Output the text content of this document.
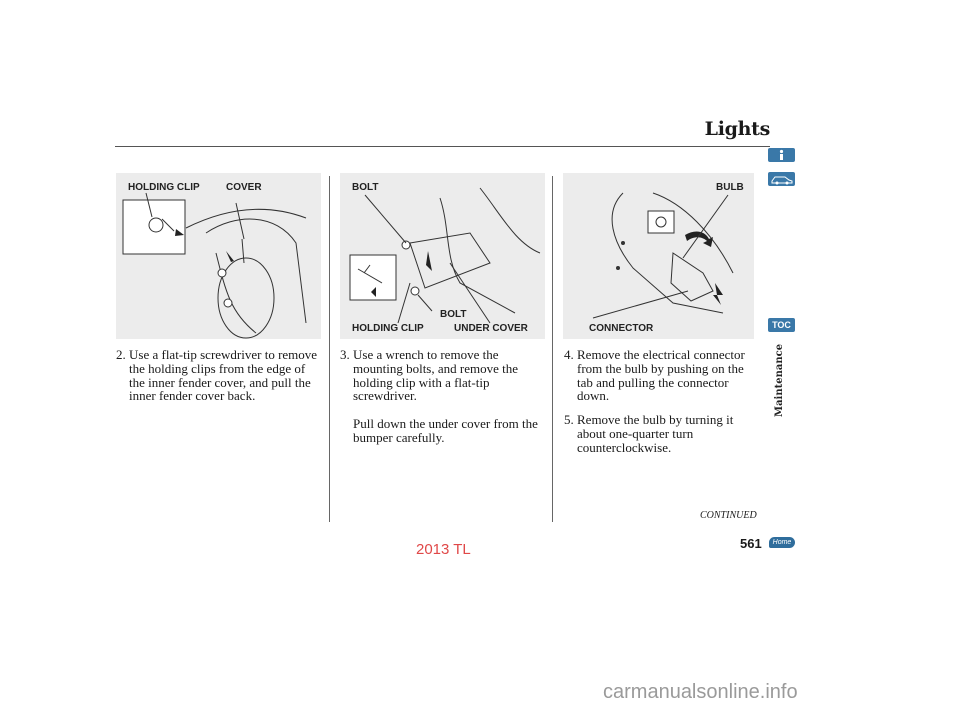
Lights
HOLDING CLIP	COVER	BOLT
BOLT
HOLDING CLIP	UNDER COVER
BULB
CONNECTOR
2. Use a flat-tip screwdriver to remove the holding clips from the edge of the inner fender cover, and pull the inner fender cover back.
3. Use a wrench to remove the mounting bolts, and remove the holding clip with a flat-tip screwdriver.
Pull down the under cover from the bumper carefully.
4. Remove the electrical connector from the bulb by pushing on the tab and pulling the connector down.
5. Remove the bulb by turning it about one-quarter turn counterclockwise.
TOC
Maintenance
CONTINUED
561	Home
2013 TL
carmanualsonline.info
